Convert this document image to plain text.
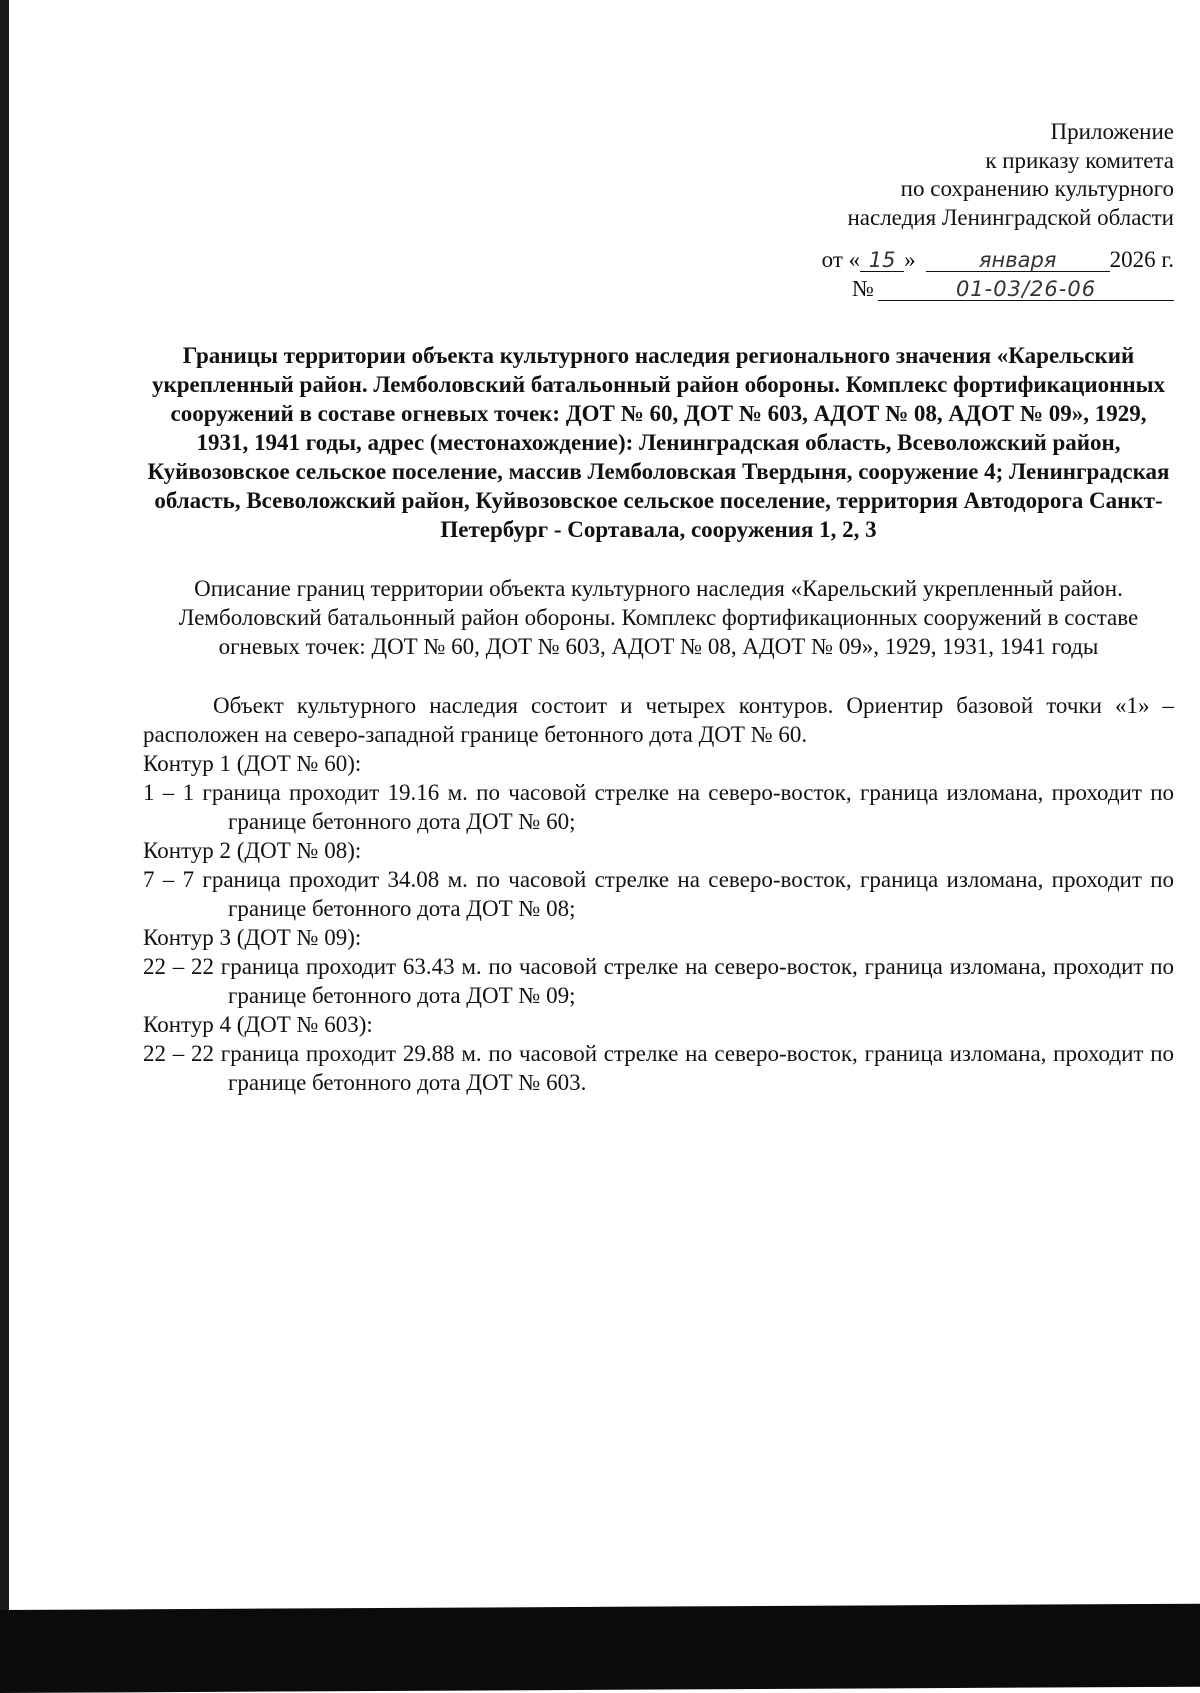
Приложение
к приказу комитета
по сохранению культурного
наследия Ленинградской области
от « 15 »	января 2026 г.
№	01-03/26-06
Границы территории объекта культурного наследия регионального значения «Карельский укрепленный район. Лемболовский батальонный район обороны. Комплекс фортификационных сооружений в составе огневых точек: ДОТ № 60, ДОТ № 603, АДОТ № 08, АДОТ № 09», 1929, 1931, 1941 годы, адрес (местонахождение): Ленинградская область, Всеволожский район, Куйвозовское сельское поселение, массив Лемболовская Твердыня, сооружение 4; Ленинградская область, Всеволожский район, Куйвозовское сельское поселение, территория Автодорога Санкт-Петербург - Сортавала, сооружения 1, 2, 3
Описание границ территории объекта культурного наследия «Карельский укрепленный район. Лемболовский батальонный район обороны. Комплекс фортификационных сооружений в составе огневых точек: ДОТ № 60, ДОТ № 603, АДОТ № 08, АДОТ № 09», 1929, 1931, 1941 годы
Объект культурного наследия состоит и четырех контуров. Ориентир базовой точки «1» – расположен на северо-западной границе бетонного дота ДОТ № 60.
Контур 1 (ДОТ № 60):
1 – 1 граница проходит 19.16 м. по часовой стрелке на северо-восток, граница изломана, проходит по границе бетонного дота ДОТ № 60;
Контур 2 (ДОТ № 08):
7 – 7 граница проходит 34.08 м. по часовой стрелке на северо-восток, граница изломана, проходит по границе бетонного дота ДОТ № 08;
Контур 3 (ДОТ № 09):
22 – 22 граница проходит 63.43 м. по часовой стрелке на северо-восток, граница изломана, проходит по границе бетонного дота ДОТ № 09;
Контур 4 (ДОТ № 603):
22 – 22 граница проходит 29.88 м. по часовой стрелке на северо-восток, граница изломана, проходит по границе бетонного дота ДОТ № 603.
